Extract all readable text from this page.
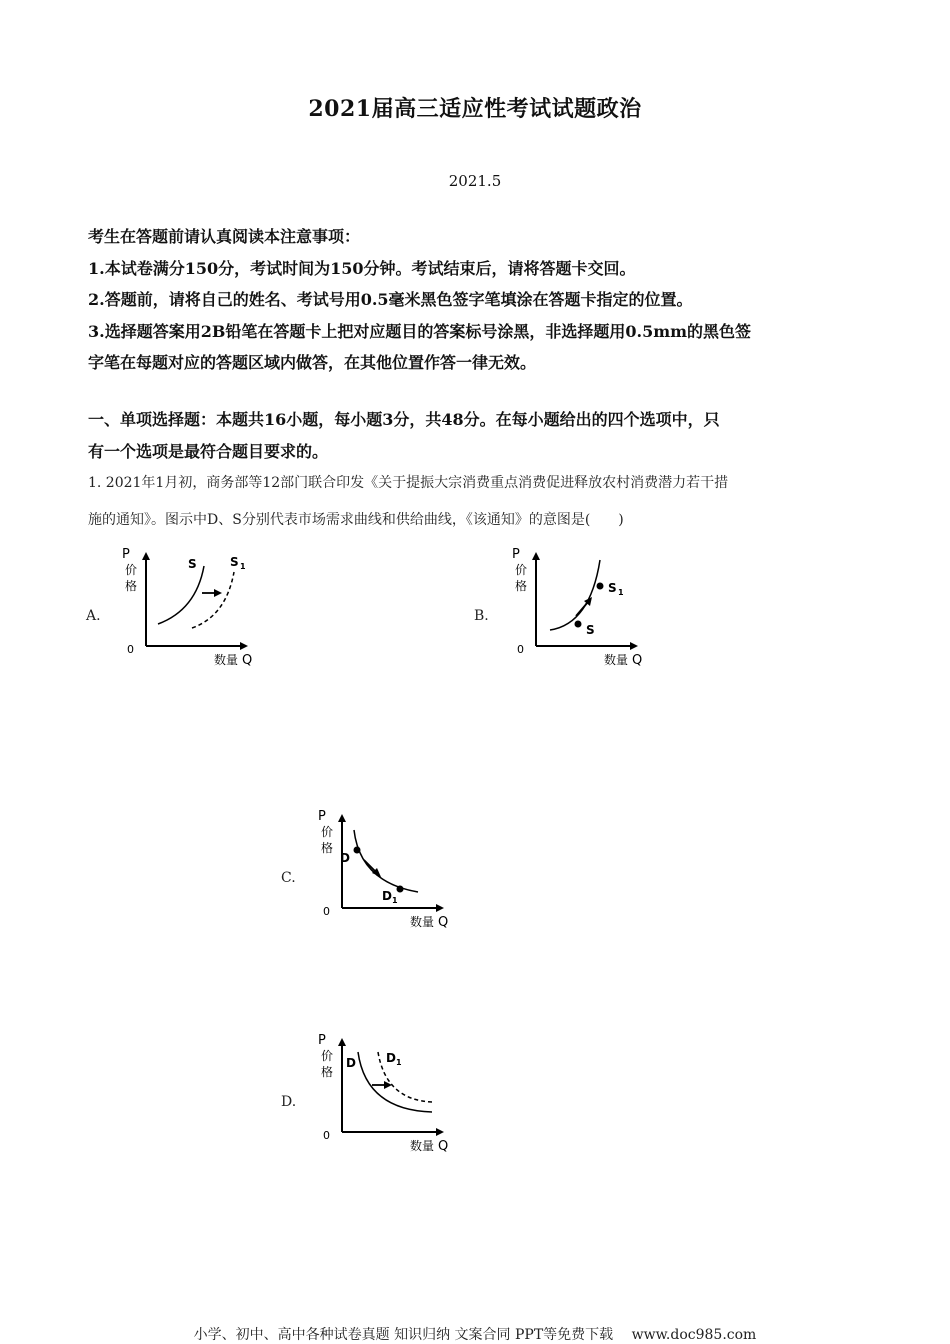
2021届高三适应性考试试题政治
2021.5
考生在答题前请认真阅读本注意事项：
1.本试卷满分150分，考试时间为150分钟。考试结束后，请将答题卡交回。
2.答题前，请将自己的姓名、考试号用0.5毫米黑色签字笔填涂在答题卡指定的位置。
3.选择题答案用2B铅笔在答题卡上把对应题目的答案标号涂黑，非选择题用0.5mm的黑色签
字笔在每题对应的答题区域内做答，在其他位置作答一律无效。
一、单项选择题：本题共16小题，每小题3分，共48分。在每小题给出的四个选项中，只
有一个选项是最符合题目要求的。
1. 2021年1月初，商务部等12部门联合印发《关于提振大宗消费重点消费促进释放农村消费潜力若干措
施的通知》。图示中D、S分别代表市场需求曲线和供给曲线，《该通知》的意图是(　　)
A.
P
价
格
0
数量 Q
S	S 1
B.
P
价
格
0
数量 Q
S
S 1
C.
P
价
格
0
数量 Q
D
D 1
D.
P
价
格
0
数量 Q
D	D 1
小学、初中、高中各种试卷真题 知识归纳 文案合同 PPT等免费下载　 www.doc985.com
